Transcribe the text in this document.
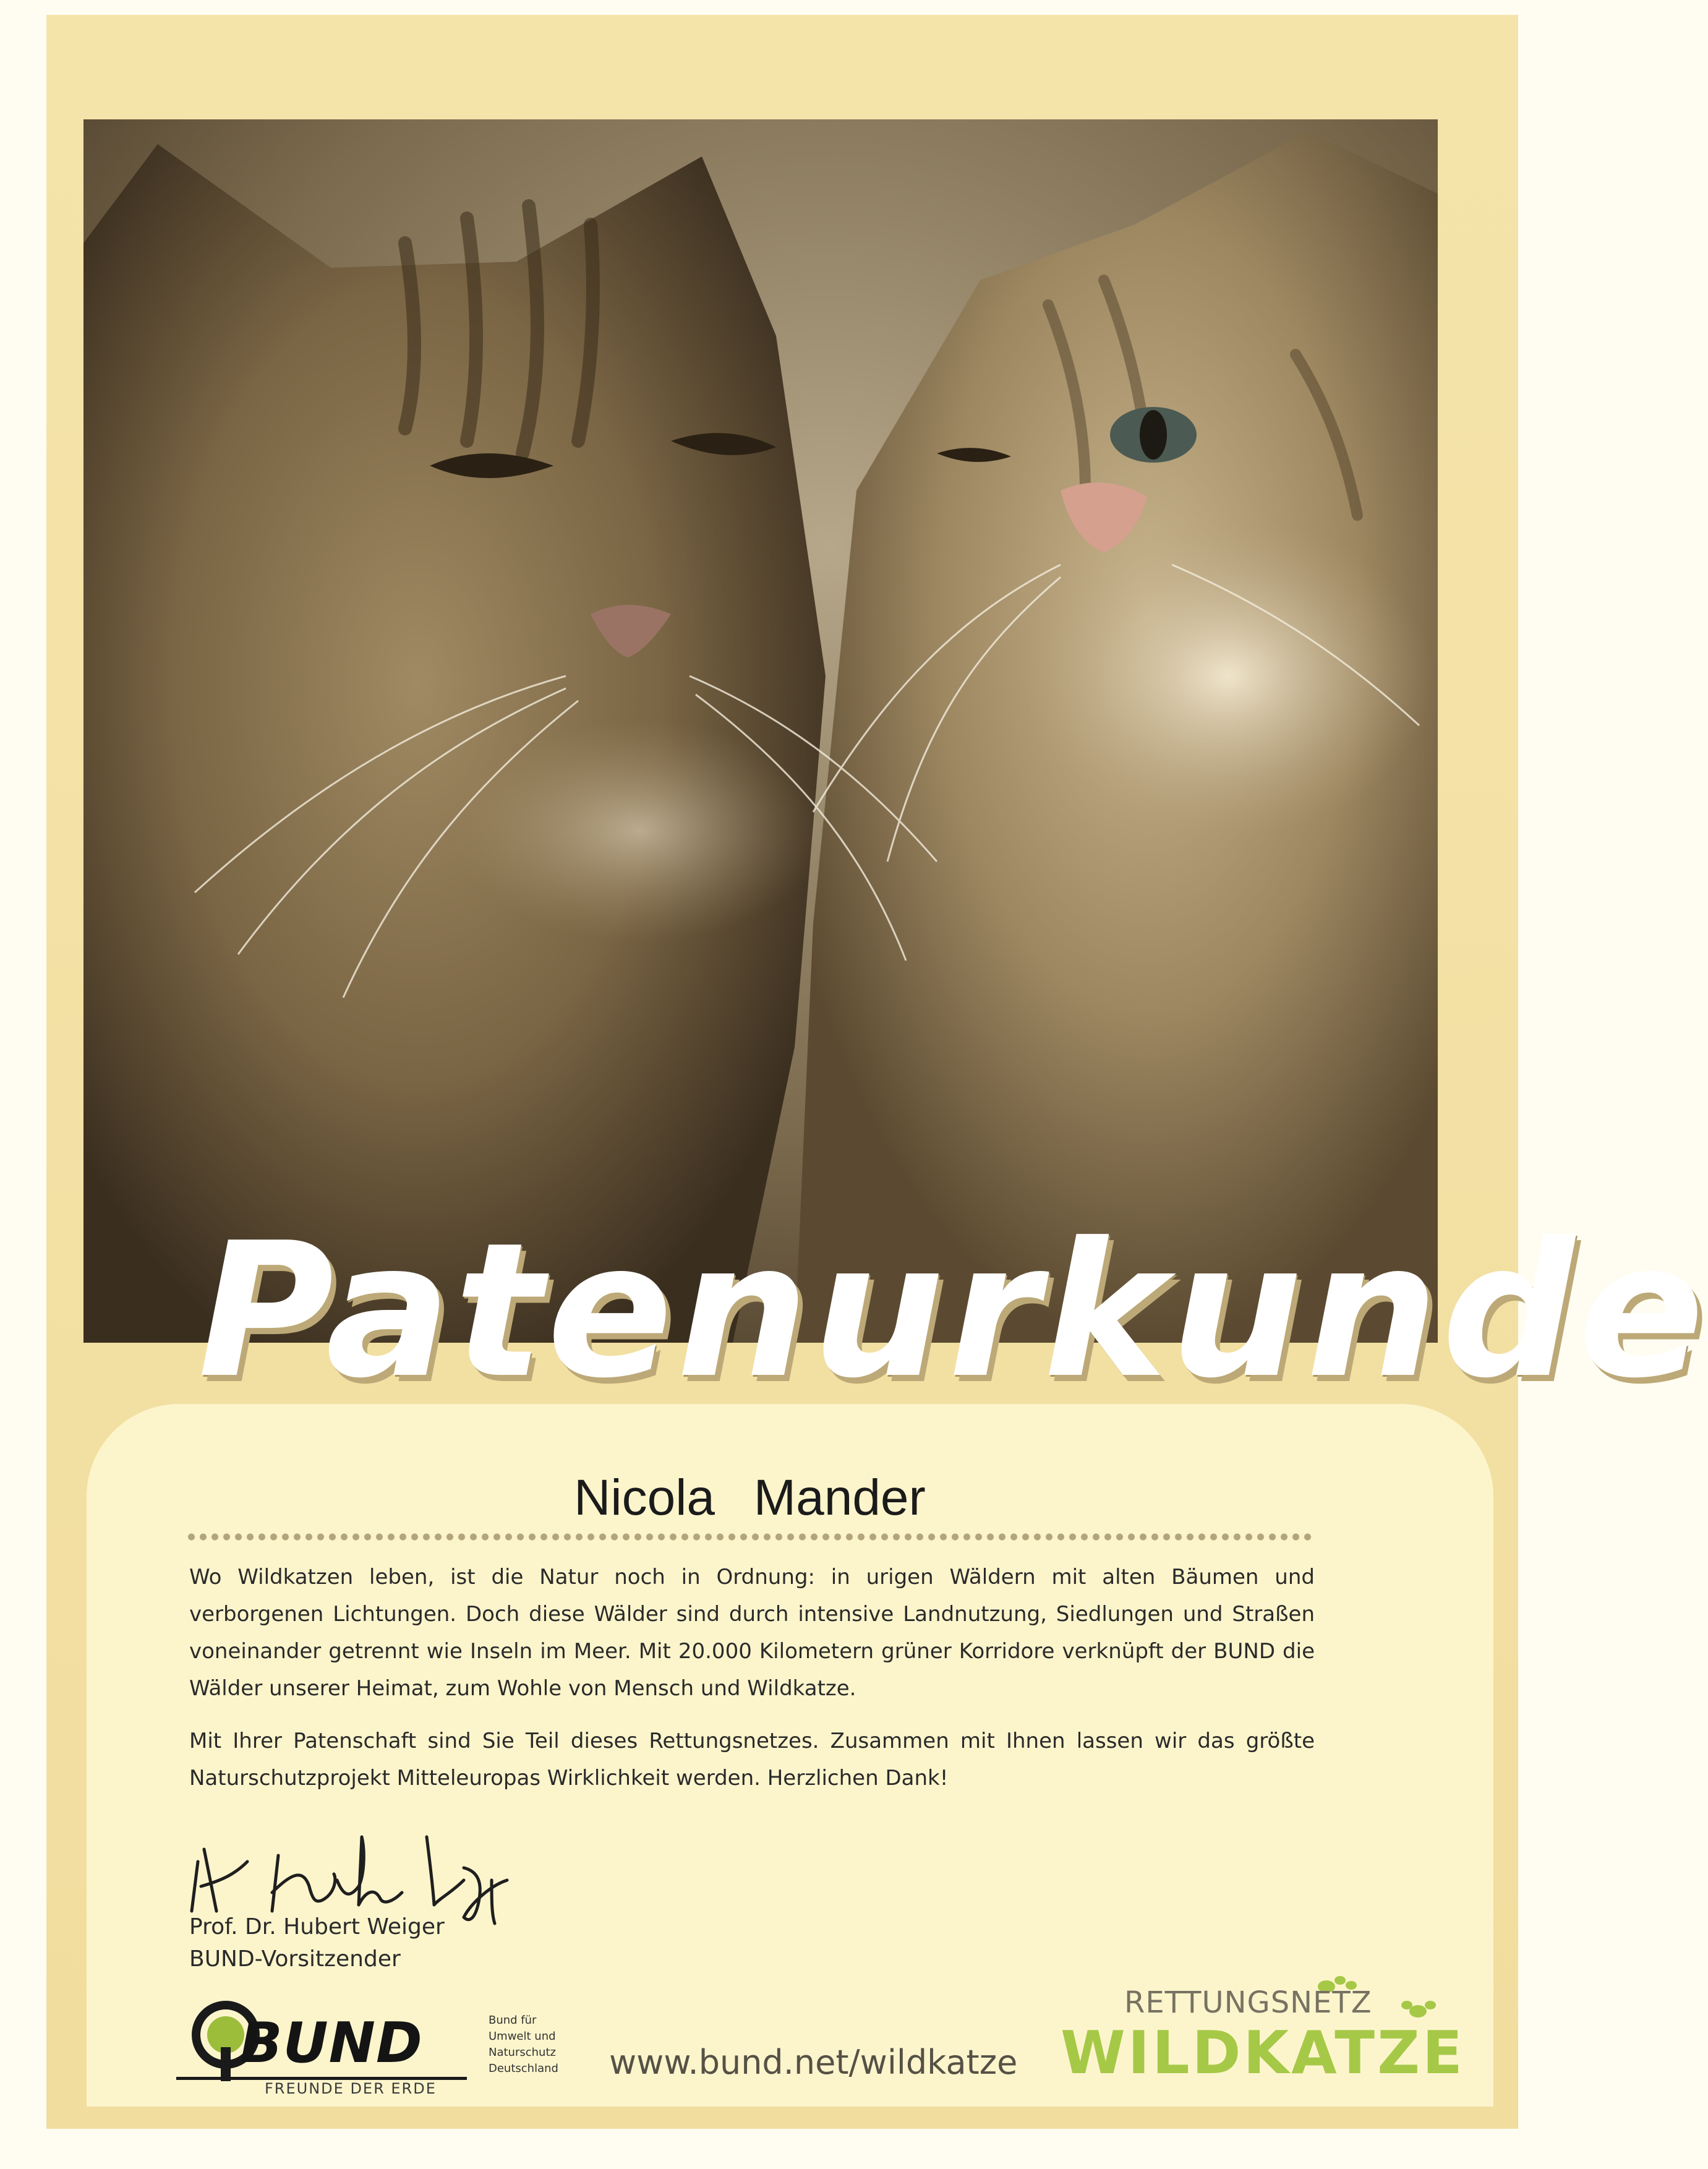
Patenurkunde
Nicola Mander
Wo Wildkatzen leben, ist die Natur noch in Ordnung: in urigen Wäldern mit alten Bäumen und verborgenen Lichtungen. Doch diese Wälder sind durch intensive Landnutzung, Siedlungen und Straßen voneinander getrennt wie Inseln im Meer. Mit 20.000 Kilometern grüner Korridore verknüpft der BUND die Wälder unserer Heimat, zum Wohle von Mensch und Wildkatze.
Mit Ihrer Patenschaft sind Sie Teil dieses Rettungsnetzes. Zusammen mit Ihnen lassen wir das größte Naturschutzprojekt Mitteleuropas Wirklichkeit werden. Herzlichen Dank!
Prof. Dr. Hubert Weiger
BUND-Vorsitzender
BUND
FREUNDE DER ERDE
Bund für
Umwelt und
Naturschutz
Deutschland	www.bund.net/wildkatze
RETTUNGSNETZ
WILDKATZE
